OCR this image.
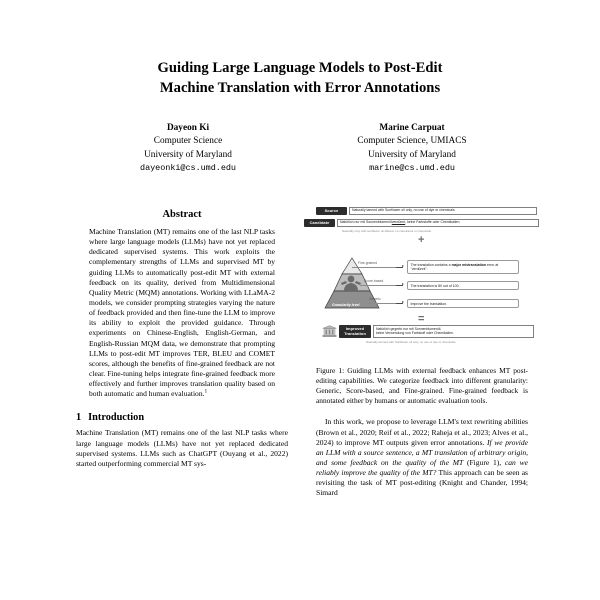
Guiding Large Language Models to Post-Edit
Machine Translation with Error Annotations
Dayeon Ki
Computer Science
University of Maryland
dayeonki@cs.umd.edu
Marine Carpuat
Computer Science, UMIACS
University of Maryland
marine@cs.umd.edu
Abstract

Machine Translation (MT) remains one of the last NLP tasks where large language models (LLMs) have not yet replaced dedicated supervised systems. This work exploits the complementary strengths of LLMs and supervised MT by guiding LLMs to automatically post-edit MT with external feedback on its quality, derived from Multidimensional Quality Metric (MQM) annotations. Working with LLaMA-2 models, we consider prompting strategies varying the nature of feedback provided and then fine-tune the LLM to improve its ability to exploit the provided guidance. Through experiments on Chinese-English, English-German, and English-Russian MQM data, we demonstrate that prompting LLMs to post-edit MT improves TER, BLEU and COMET scores, although the benefits of fine-grained feedback are not clear. Fine-tuning helps integrate fine-grained feedback more effectively and further improves translation quality based on both automatic and human evaluation.$^1$

1 Introduction

Machine Translation (MT) remains one of the last NLP tasks where large language models (LLMs) have not yet replaced dedicated supervised systems. LLMs such as ChatGPT (Ouyang et al., 2022) started outperforming commercial MT sys-

Source	Naturally tanned with Sunflower oil only, no use of dye or chemicals.
Candidate	Natürlich nur mit Sonnenblumenöl verdünnt , keine Farbstoffe oder Chemikalien.
Naturally only with sunflower oil diluted, no colourants or chemicals.
+
Granularity level
Fine-grained	The translation contains a major mistranslation error at "verdünnt".
Score-based
The translation is 80 out of 100.
Generic
Improve the translation.
=
Improved
Translation
Natürlich gegerbt nur mit Sonnenblumenöl,
keine Verwendung von Farbstoff oder Chemikalien.
Naturally tanned with Sunflower oil only, no use of dye or chemicals.
Figure 1: Guiding LLMs with external feedback enhances MT post-editing capabilities. We categorize feedback into different granularity: Generic, Score-based, and Fine-grained. Fine-grained feedback is annotated either by humans or automatic evaluation tools.

In this work, we propose to leverage LLM's text rewriting abilities (Brown et al., 2020; Reif et al., 2022; Raheja et al., 2023; Alves et al., 2024) to improve MT outputs given error annotations. If we provide an LLM with a source sentence, a MT translation of arbitrary origin, and some feedback on the quality of the MT (Figure 1), can we reliably improve the quality of the MT? This approach can be seen as revisiting the task of MT post-editing (Knight and Chander, 1994; Simard
